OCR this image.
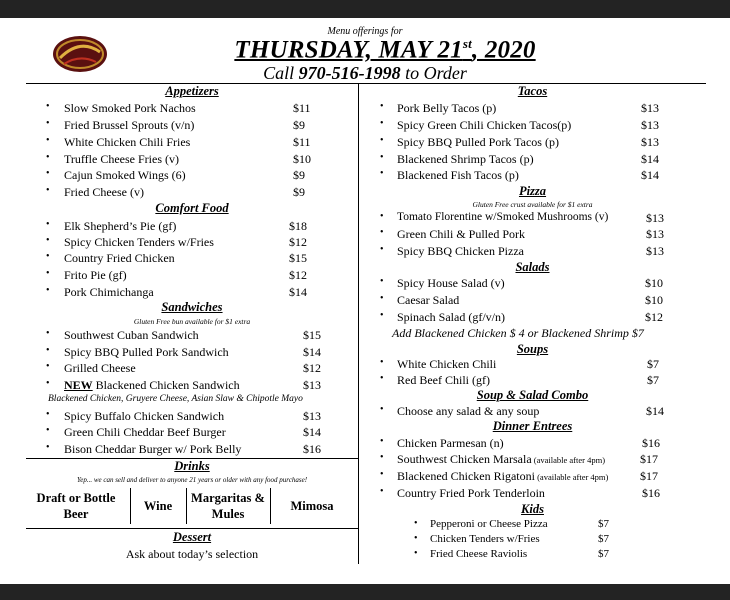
Menu offerings for
THURSDAY, MAY 21st, 2020
Call 970-516-1998 to Order
Appetizers
• Slow Smoked Pork Nachos	$11
• Fried Brussel Sprouts (v/n)	$9
• White Chicken Chili Fries	$11
• Truffle Cheese Fries (v)	$10
• Cajun Smoked Wings (6)	$9
• Fried Cheese (v)	$9
Comfort Food
• Elk Shepherd’s Pie (gf)	$18
• Spicy Chicken Tenders w/Fries	$12
• Country Fried Chicken	$15
• Frito Pie (gf)	$12
• Pork Chimichanga	$14
Sandwiches
Gluten Free bun available for $1 extra
• Southwest Cuban Sandwich	$15
• Spicy BBQ Pulled Pork Sandwich	$14
• Grilled Cheese	$12
• NEW Blackened Chicken Sandwich	$13
Blackened Chicken, Gruyere Cheese, Asian Slaw & Chipotle Mayo
• Spicy Buffalo Chicken Sandwich	$13
• Green Chili Cheddar Beef Burger	$14
• Bison Cheddar Burger w/ Pork Belly	$16
Drinks
Yep... we can sell and deliver to anyone 21 years or older with any food purchase!
Draft or Bottle Beer
Wine
Margaritas & Mules
Mimosa
Dessert
Ask about today’s selection
Tacos
• Pork Belly Tacos (p)	$13
• Spicy Green Chili Chicken Tacos(p)	$13
• Spicy BBQ Pulled Pork Tacos (p)	$13
• Blackened Shrimp Tacos (p)	$14
• Blackened Fish Tacos (p)	$14
Pizza
Gluten Free crust available for $1 extra
• Tomato Florentine w/Smoked Mushrooms (v)	$13
• Green Chili & Pulled Pork	$13
• Spicy BBQ Chicken Pizza	$13
Salads
• Spicy House Salad (v)	$10
• Caesar Salad	$10
• Spinach Salad (gf/v/n)	$12
Add Blackened Chicken $ 4 or Blackened Shrimp $7
Soups
• White Chicken Chili	$7
• Red Beef Chili (gf)	$7
Soup & Salad Combo
• Choose any salad & any soup	$14
Dinner Entrees
• Chicken Parmesan (n)	$16
• Southwest Chicken Marsala (available after 4pm)	$17
• Blackened Chicken Rigatoni (available after 4pm)	$17
• Country Fried Pork Tenderloin	$16
Kids
• Pepperoni or Cheese Pizza	$7
• Chicken Tenders w/Fries	$7
• Fried Cheese Raviolis	$7
